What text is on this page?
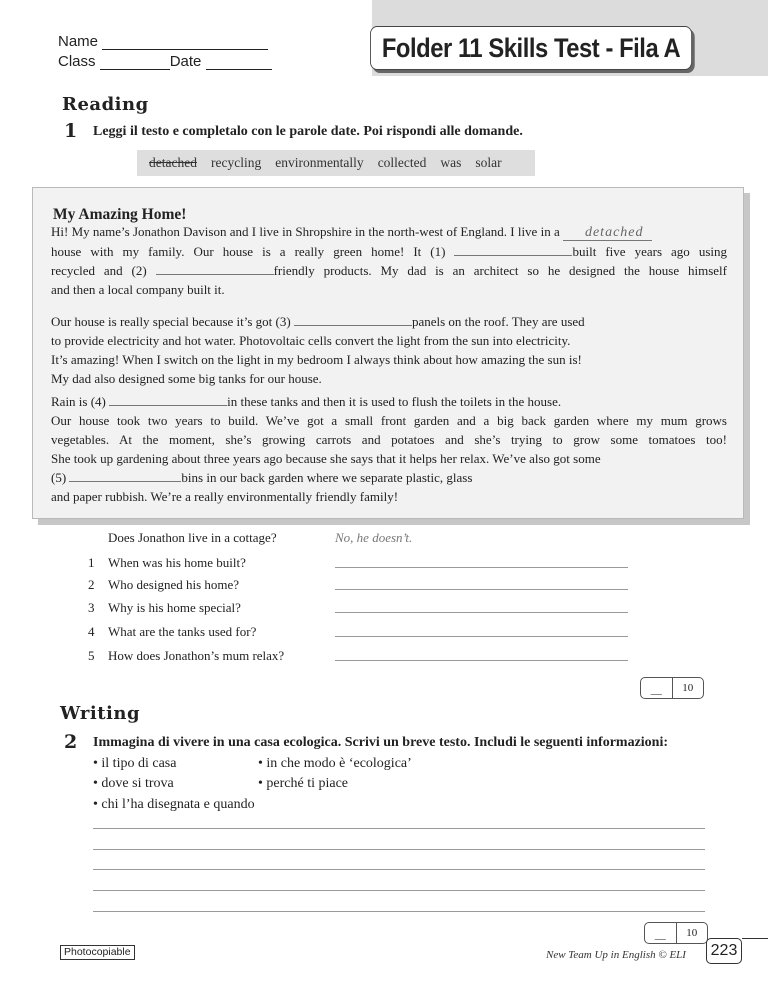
Folder 11 Skills Test - Fila A
Name
Class	Date
Reading
1 Leggi il testo e completalo con le parole date. Poi rispondi alle domande.
detached recycling environmentally collected was solar
My Amazing Home!
Hi! My name’s Jonathon Davison and I live in Shropshire in the north-west of England. I live in a detached
house with my family. Our house is a really green home! It (1)	built five years ago using
recycled and (2)	friendly products. My dad is an architect so he designed the house himself
and then a local company built it.
Our house is really special because it’s got (3)	panels on the roof. They are used
to provide electricity and hot water. Photovoltaic cells convert the light from the sun into electricity.
It’s amazing! When I switch on the light in my bedroom I always think about how amazing the sun is!
My dad also designed some big tanks for our house.
Rain is (4)	in these tanks and then it is used to flush the toilets in the house.
Our house took two years to build. We’ve got a small front garden and a big back garden where my mum grows
vegetables. At the moment, she’s growing carrots and potatoes and she’s trying to grow some tomatoes too!
She took up gardening about three years ago because she says that it helps her relax. We’ve also got some
(5)	bins in our back garden where we separate plastic, glass
and paper rubbish. We’re a really environmentally friendly family!
Does Jonathon live in a cottage?	No, he doesn’t.
1 When was his home built?
2 Who designed his home?
3 Why is his home special?
4 What are the tanks used for?
5 How does Jonathon’s mum relax?
__	10
Writing
2 Immagina di vivere in una casa ecologica. Scrivi un breve testo. Includi le seguenti informazioni:
• il tipo di casa	• in che modo è ‘ecologica’
• dove si trova	• perché ti piace
• chi l’ha disegnata e quando
__	10
Photocopiable	New Team Up in English © ELI 223
